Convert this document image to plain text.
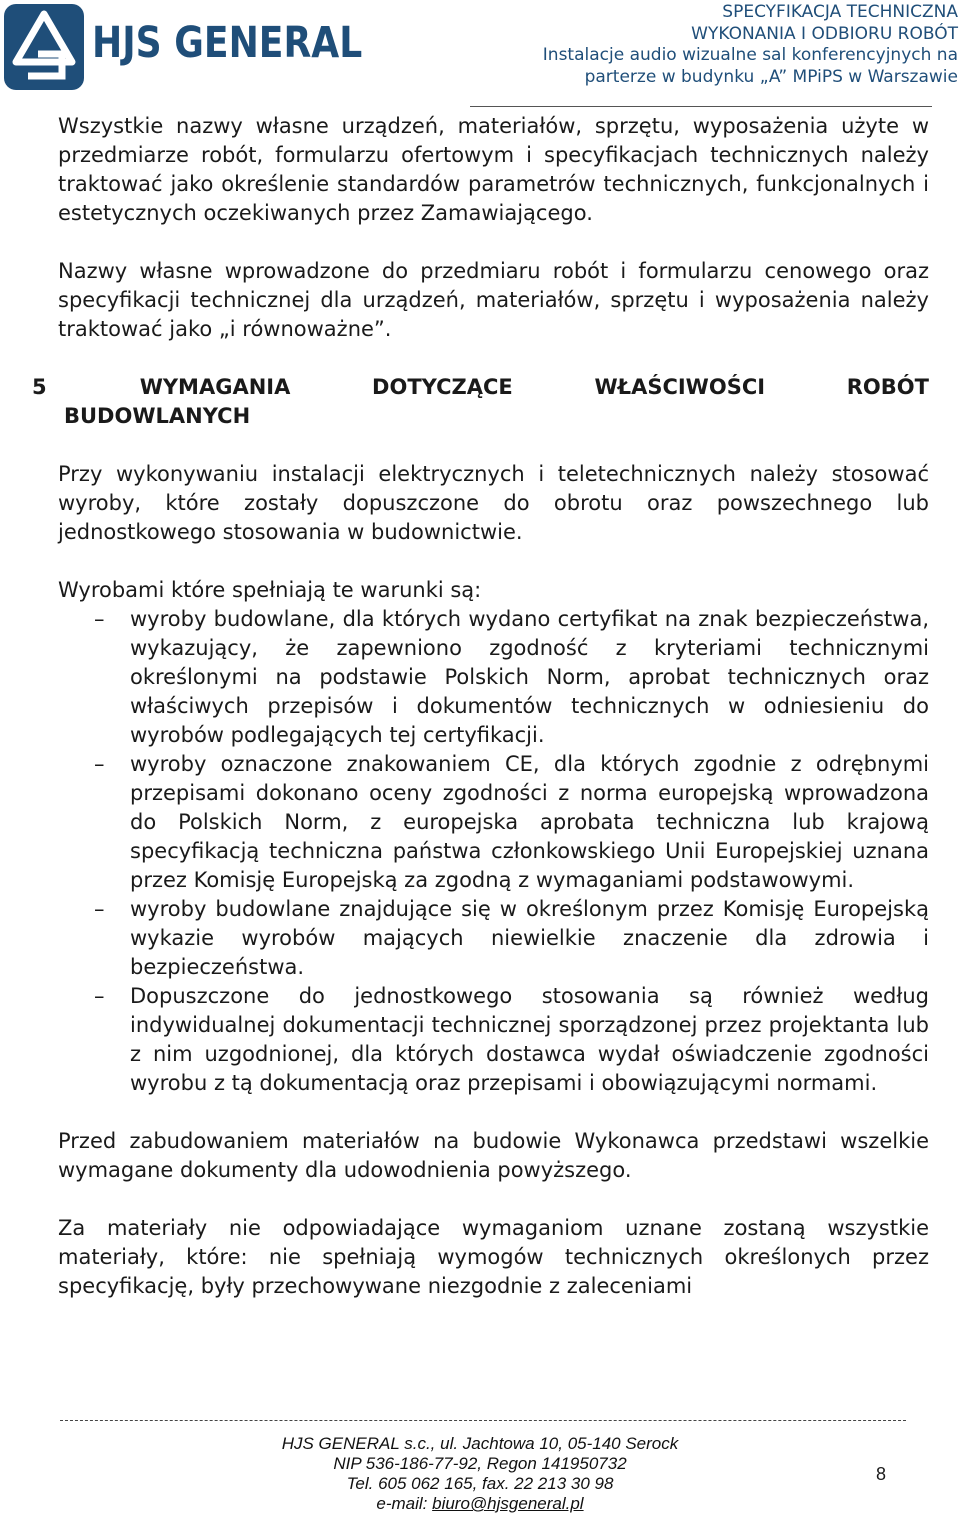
HJS GENERAL
SPECYFIKACJA TECHNICZNA
WYKONANIA I ODBIORU ROBÓT
Instalacje audio wizualne sal konferencyjnych na
parterze w budynku „A” MPiPS w Warszawie

Wszystkie nazwy własne urządzeń, materiałów, sprzętu, wyposażenia użyte w przedmiarze robót, formularzu ofertowym i specyfikacjach technicznych należy traktować jako określenie standardów parametrów technicznych, funkcjonalnych i estetycznych oczekiwanych przez Zamawiającego.

Nazwy własne wprowadzone do przedmiaru robót i formularzu cenowego oraz specyfikacji technicznej dla urządzeń, materiałów, sprzętu i wyposażenia należy traktować jako „i równoważne”.

5	WYMAGANIA	DOTYCZĄCE	WŁAŚCIWOŚCI	ROBÓT
BUDOWLANYCH

Przy wykonywaniu instalacji elektrycznych i teletechnicznych należy stosować wyroby, które zostały dopuszczone do obrotu oraz powszechnego lub jednostkowego stosowania w budownictwie.

Wyrobami które spełniają te warunki są:

– wyroby budowlane, dla których wydano certyfikat na znak bezpieczeństwa, wykazujący, że zapewniono zgodność z kryteriami technicznymi określonymi na podstawie Polskich Norm, aprobat technicznych oraz właściwych przepisów i dokumentów technicznych w odniesieniu do wyrobów podlegających tej certyfikacji.
– wyroby oznaczone znakowaniem CE, dla których zgodnie z odrębnymi przepisami dokonano oceny zgodności z norma europejską wprowadzona do Polskich Norm, z europejska aprobata techniczna lub krajową specyfikacją techniczna państwa członkowskiego Unii Europejskiej uznana przez Komisję Europejską za zgodną z wymaganiami podstawowymi.
– wyroby budowlane znajdujące się w określonym przez Komisję Europejską wykazie wyrobów mających niewielkie znaczenie dla zdrowia i bezpieczeństwa.
– Dopuszczone do jednostkowego stosowania są również według indywidualnej dokumentacji technicznej sporządzonej przez projektanta lub z nim uzgodnionej, dla których dostawca wydał oświadczenie zgodności wyrobu z tą dokumentacją oraz przepisami i obowiązującymi normami.

Przed zabudowaniem materiałów na budowie Wykonawca przedstawi wszelkie wymagane dokumenty dla udowodnienia powyższego.

Za materiały nie odpowiadające wymaganiom uznane zostaną wszystkie materiały, które: nie spełniają wymogów technicznych określonych przez specyfikację, były przechowywane niezgodnie z zaleceniami

HJS GENERAL s.c., ul. Jachtowa 10, 05-140 Serock
NIP 536-186-77-92, Regon 141950732
Tel. 605 062 165, fax. 22 213 30 98
e-mail: biuro@hjsgeneral.pl
8
